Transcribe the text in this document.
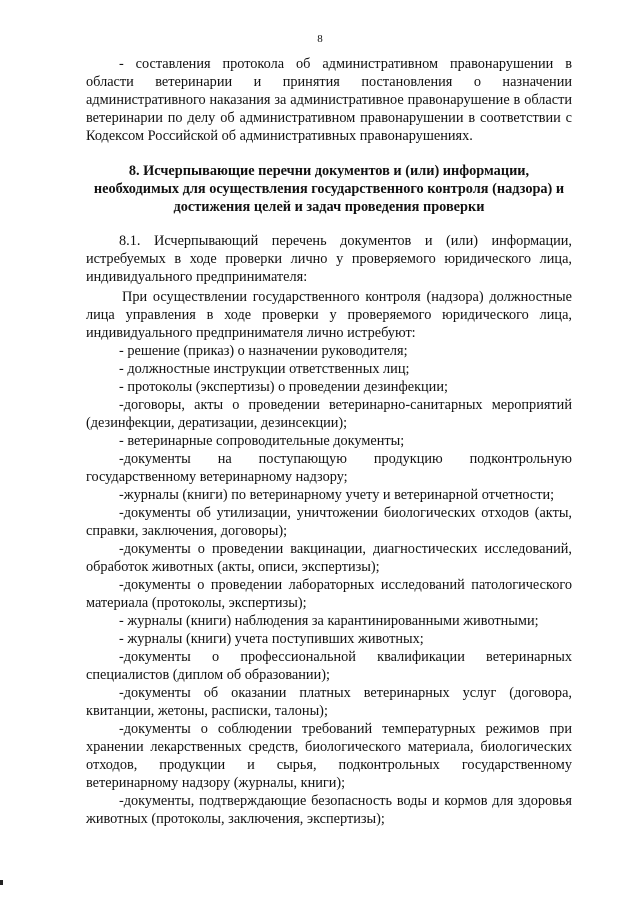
8

- составления протокола об административном правонарушении в области ветеринарии и принятия постановления о назначении административного наказания за административное правонарушение в области ветеринарии по делу об административном правонарушении в соответствии с Кодексом Российской об административных правонарушениях.

8. Исчерпывающие перечни документов и (или) информации, необходимых для осуществления государственного контроля (надзора) и достижения целей и задач проведения проверки

8.1. Исчерпывающий перечень документов и (или) информации, истребуемых в ходе проверки лично у проверяемого юридического лица, индивидуального предпринимателя:

При осуществлении государственного контроля (надзора) должностные лица управления в ходе проверки у проверяемого юридического лица, индивидуального предпринимателя лично истребуют:

- решение (приказ) о назначении руководителя;

- должностные инструкции ответственных лиц;

- протоколы (экспертизы) о проведении дезинфекции;

-договоры, акты о проведении ветеринарно-санитарных мероприятий (дезинфекции, дератизации, дезинсекции);

- ветеринарные сопроводительные документы;

-документы на поступающую продукцию подконтрольную государственному ветеринарному надзору;

-журналы (книги) по ветеринарному учету и ветеринарной отчетности;

-документы об утилизации, уничтожении биологических отходов (акты, справки, заключения, договоры);

-документы о проведении вакцинации, диагностических исследований, обработок животных (акты, описи, экспертизы);

-документы о проведении лабораторных исследований патологического материала (протоколы, экспертизы);

- журналы (книги) наблюдения за карантинированными животными;

- журналы (книги) учета поступивших животных;

-документы о профессиональной квалификации ветеринарных специалистов (диплом об образовании);

-документы об оказании платных ветеринарных услуг (договора, квитанции, жетоны, расписки, талоны);

-документы о соблюдении требований температурных режимов при хранении лекарственных средств, биологического материала, биологических отходов, продукции и сырья, подконтрольных государственному ветеринарному надзору (журналы, книги);

-документы, подтверждающие безопасность воды и кормов для здоровья животных (протоколы, заключения, экспертизы);
